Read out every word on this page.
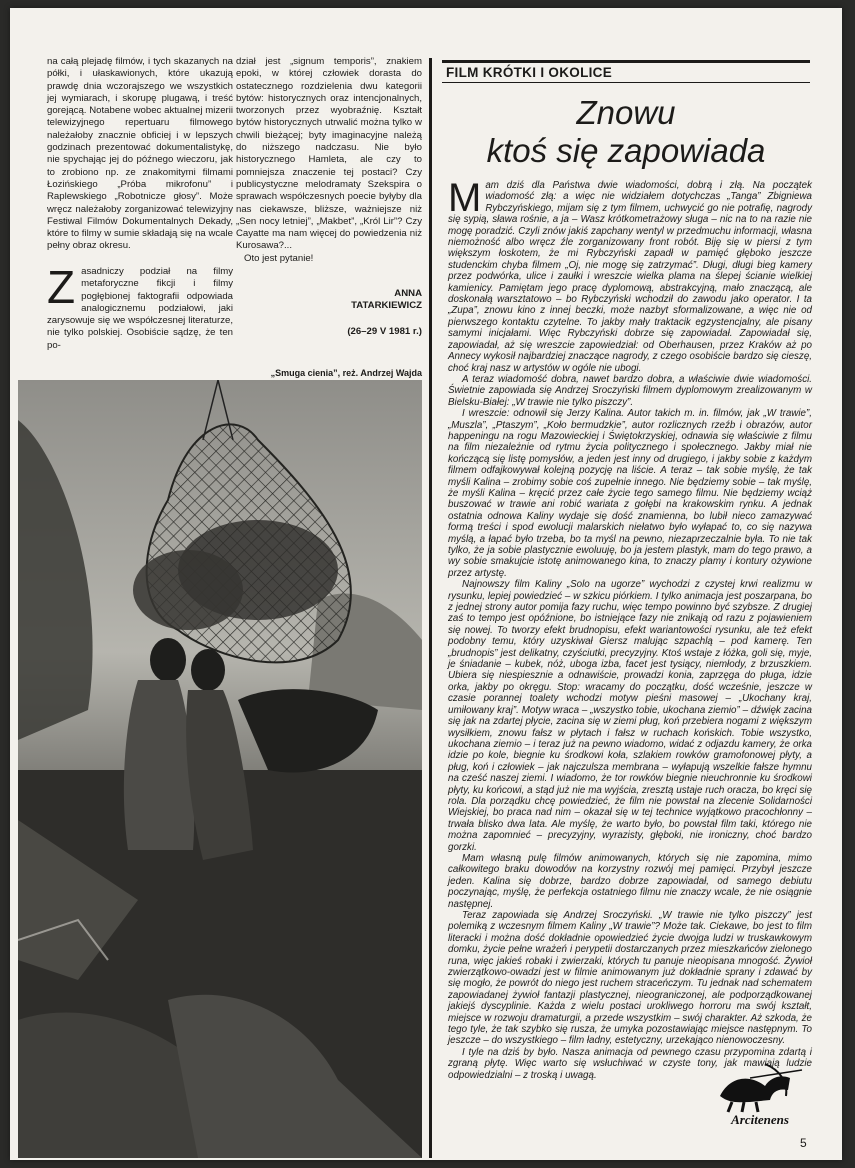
na całą plejadę filmów, i tych skazanych na półki, i ułaskawionych, które ukazują prawdę dnia wczorajszego we wszystkich jej wymiarach, i skorupę plugawą, i treść gorejącą. Notabene wobec aktualnej mizerii telewizyjnego repertuaru filmowego należałoby znacznie obficiej i w lepszych godzinach prezentować dokumentalistykę, nie spychając jej do późnego wieczoru, jak to zrobiono np. ze znakomitymi filmami Łozińskiego „Próba mikrofonu” i Raplewskiego „Robotnicze głosy”. Może wręcz należałoby zorganizować telewizyjny Festiwal Filmów Dokumentalnych Dekady, które to filmy w sumie składają się na wcale pełny obraz okresu.

dział jest „signum temporis”, znakiem epoki, w której człowiek dorasta do ostatecznego rozdzielenia dwu kategorii bytów: historycznych oraz intencjonalnych, tworzonych przez wyobraźnię. Kształt bytów historycznych utrwalić można tylko w chwili bieżącej; byty imaginacyjne należą do niższego nadczasu. Nie było historycznego Hamleta, ale czy to pomniejsza znaczenie tej postaci? Czy publicystyczne melodramaty Szekspira o sprawach współczesnych poecie byłyby dla nas ciekawsze, bliższe, ważniejsze niż „Sen nocy letniej”, „Makbet”, „Król Lir”? Czy Cayatte ma nam więcej do powiedzenia niż Kurosawa?...

Oto jest pytanie!

Z asadniczy podział na filmy metaforyczne fikcji i filmy pogłębionej faktografii odpowiada analogicznemu podziałowi, jaki zarysowuje się we współczesnej literaturze, nie tylko polskiej. Osobiście sądzę, że ten po-

ANNA
TATARKIEWICZ
(26–29 V 1981 r.)
„Smuga cienia”, reż. Andrzej Wajda
FILM KRÓTKI I OKOLICE
Znowu
ktoś się zapowiada

Mam dziś dla Państwa dwie wiadomości, dobrą i złą. Na początek wiadomość złą: a więc nie widziałem dotychczas „Tanga” Zbigniewa Rybczyńskiego, mijam się z tym filmem, uchwycić go nie potrafię, nagrody się sypią, sława rośnie, a ja – Wasz krótkometrażowy sługa – nic na to na razie nie mogę poradzić. Czyli znów jakiś zapchany wentyl w przedmuchu informacji, własna niemożność albo wręcz źle zorganizowany front robót. Biję się w piersi z tym większym łoskotem, że mi Rybczyński zapadł w pamięć głęboko jeszcze studenckim chyba filmem „Oj, nie mogę się zatrzymać”. Długi, długi bieg kamery przez podwórka, ulice i zaułki i wreszcie wielka plama na ślepej ścianie wielkiej kamienicy. Pamiętam jego pracę dyplomową, abstrakcyjną, mało znaczącą, ale doskonałą warsztatowo – bo Rybczyński wchodził do zawodu jako operator. I ta „Zupa”, znowu kino z innej beczki, może nazbyt sformalizowane, a więc nie od pierwszego kontaktu czytelne. To jakby mały traktacik egzystencjalny, ale pisany samymi inicjałami. Więc Rybczyński dobrze się zapowiadał. Zapowiadał się, zapowiadał, aż się wreszcie zapowiedział: od Oberhausen, przez Kraków aż po Annecy wykosił najbardziej znaczące nagrody, z czego osobiście bardzo się cieszę, choć kraj nasz w artystów w ogóle nie ubogi.

A teraz wiadomość dobra, nawet bardzo dobra, a właściwie dwie wiadomości. Świetnie zapowiada się Andrzej Sroczyński filmem dyplomowym zrealizowanym w Bielsku-Białej: „W trawie nie tylko piszczy”.

I wreszcie: odnowił się Jerzy Kalina. Autor takich m. in. filmów, jak „W trawie”, „Muszla”, „Ptaszym”, „Koło bermudzkie”, autor rozlicznych rzeźb i obrazów, autor happeningu na rogu Mazowieckiej i Świętokrzyskiej, odnawia się właściwie z filmu na film niezależnie od rytmu życia politycznego i społecznego. Jakby miał nie kończącą się listę pomysłów, a jeden jest inny od drugiego, i jakby sobie z każdym filmem odfajkowywał kolejną pozycję na liście. A teraz – tak sobie myślę, że tak myśli Kalina – zrobimy sobie coś zupełnie innego. Nie będziemy sobie – tak myślę, że myśli Kalina – kręcić przez całe życie tego samego filmu. Nie będziemy wciąż buszować w trawie ani robić wariata z gołębi na krakowskim rynku. A jednak ostatnia odnowa Kaliny wydaje się dość znamienna, bo lubił nieco zamazywać formą treści i spod ewolucji malarskich niełatwo było wyłapać to, co się nazywa myślą, a łapać było trzeba, bo ta myśl na pewno, niezaprzeczalnie była. To nie tak tylko, że ja sobie plastycznie ewoluuję, bo ja jestem plastyk, mam do tego prawo, a wy sobie smakujcie istotę animowanego kina, to znaczy plamy i kontury ożywione przez artystę.

Najnowszy film Kaliny „Solo na ugorze” wychodzi z czystej krwi realizmu w rysunku, lepiej powiedzieć – w szkicu piórkiem. I tylko animacja jest poszarpana, bo z jednej strony autor pomija fazy ruchu, więc tempo powinno być szybsze. Z drugiej zaś to tempo jest opóźnione, bo istniejące fazy nie znikają od razu z pojawieniem się nowej. To tworzy efekt brudnopisu, efekt wariantowości rysunku, ale też efekt podobny temu, który uzyskiwał Giersz malując szpachlą – pod kamerę. Ten „brudnopis” jest delikatny, czyściutki, precyzyjny. Ktoś wstaje z łóżka, goli się, myje, je śniadanie – kubek, nóż, uboga izba, facet jest tysiący, niemłody, z brzuszkiem. Ubiera się niespiesznie a odnawiście, prowadzi konia, zaprzęga do pługa, idzie orka, jakby po okręgu. Stop: wracamy do początku, dość wcześnie, jeszcze w czasie porannej toalety wchodzi motyw pieśni masowej – „Ukochany kraj, umiłowany kraj”. Motyw wraca – „wszystko tobie, ukochana ziemio” – dźwięk zacina się jak na zdartej płycie, zacina się w ziemi pług, koń przebiera nogami z większym wysiłkiem, znowu fałsz w płytach i fałsz w ruchach końskich. Tobie wszystko, ukochana ziemio – i teraz już na pewno wiadomo, widać z odjazdu kamery, że orka idzie po kole, biegnie ku środkowi koła, szlakiem rowków gramofonowej płyty, a pług, koń i człowiek – jak najczulsza membrana – wyłapują wszelkie fałsze hymnu na cześć naszej ziemi. I wiadomo, że tor rowków biegnie nieuchronnie ku środkowi płyty, ku końcowi, a stąd już nie ma wyjścia, zresztą ustaje ruch oracza, bo kręci się rola. Dla porządku chcę powiedzieć, że film nie powstał na zlecenie Solidarności Wiejskiej, bo praca nad nim – okazał się w tej technice wyjątkowo pracochłonny – trwała blisko dwa lata. Ale myślę, że warto było, bo powstał film taki, którego nie można zapomnieć – precyzyjny, wyrazisty, głęboki, nie ironiczny, choć bardzo gorzki.

Mam własną pulę filmów animowanych, których się nie zapomina, mimo całkowitego braku dowodów na korzystny rozwój mej pamięci. Przybył jeszcze jeden. Kalina się dobrze, bardzo dobrze zapowiadał, od samego debiutu poczynając, myślę, że perfekcja ostatniego filmu nie znaczy wcale, że nie osiągnie następnej.

Teraz zapowiada się Andrzej Sroczyński. „W trawie nie tylko piszczy” jest polemiką z wczesnym filmem Kaliny „W trawie”? Może tak. Ciekawe, bo jest to film literacki i można dość dokładnie opowiedzieć życie dwojga ludzi w truskawkowym domku, życie pełne wrażeń i perypetii dostarczanych przez mieszkańców zielonego runa, więc jakieś robaki i zwierzaki, których tu panuje nieopisana mnogość. Żywioł zwierzątkowo-owadzi jest w filmie animowanym już dokładnie sprany i zdawać by się mogło, że powrót do niego jest ruchem straceńczym. Tu jednak nad schematem zapowiadanej żywioł fantazji plastycznej, nieograniczonej, ale podporządkowanej jakiejś dyscyplinie. Każda z wielu postaci urokliwego horroru ma swój kształt, miejsce w rozwoju dramaturgii, a przede wszystkim – swój charakter. Aż szkoda, że tego tyle, że tak szybko się rusza, że umyka pozostawiając miejsce następnym. To jeszcze – do wszystkiego – film ładny, estetyczny, urzekająco nienowoczesny.

I tyle na dziś by było. Nasza animacja od pewnego czasu przypomina zdartą i zgraną płytę. Więc warto się wsłuchiwać w czyste tony, jak mawiają ludzie odpowiedzialni – z troską i uwagą.

Arcitenens
5
